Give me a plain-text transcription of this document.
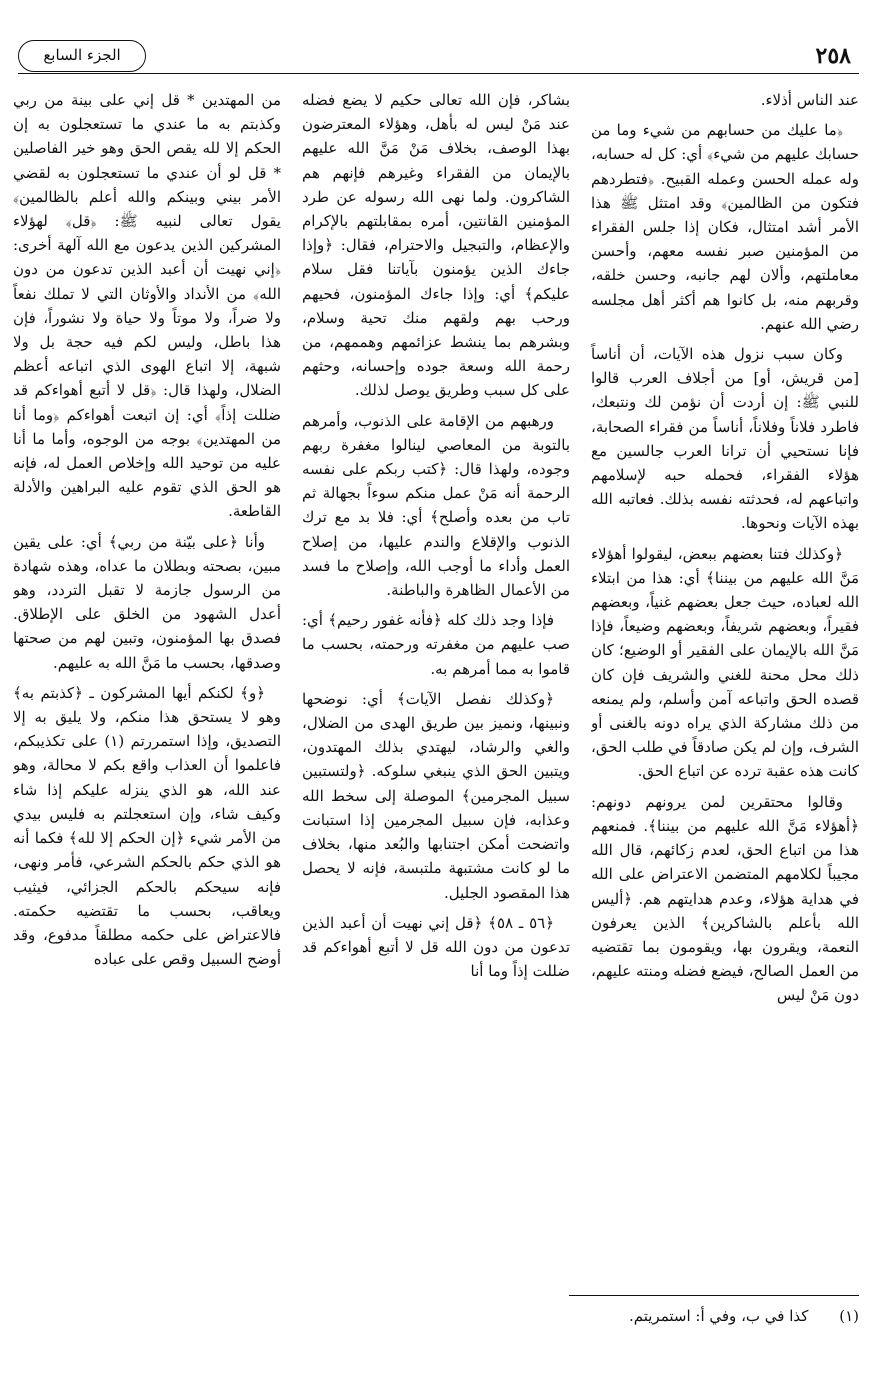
الجزء السابع	٢٥٨

عند الناس أذلاء.

﴿ما عليك من حسابهم من شيء وما من حسابك عليهم من شيء﴾ أي: كل له حسابه، وله عمله الحسن وعمله القبيح. ﴿فتطردهم فتكون من الظالمين﴾ وقد امتثل ﷺ هذا الأمر أشد امتثال، فكان إذا جلس الفقراء من المؤمنين صبر نفسه معهم، وأحسن معاملتهم، وألان لهم جانبه، وحسن خلقه، وقربهم منه، بل كانوا هم أكثر أهل مجلسه رضي الله عنهم.

وكان سبب نزول هذه الآيات، أن أناساً [من قريش، أو] من أجلاف العرب قالوا للنبي ﷺ: إن أردت أن نؤمن لك ونتبعك، فاطرد فلاناً وفلاناً، أناساً من فقراء الصحابة، فإنا نستحيي أن ترانا العرب جالسين مع هؤلاء الفقراء، فحمله حبه لإسلامهم واتباعهم له، فحدثته نفسه بذلك. فعاتبه الله بهذه الآيات ونحوها.

﴿وكذلك فتنا بعضهم ببعض، ليقولوا أهؤلاء مَنَّ الله عليهم من بيننا﴾ أي: هذا من ابتلاء الله لعباده، حيث جعل بعضهم غنياً، وبعضهم فقيراً، وبعضهم شريفاً، وبعضهم وضيعاً، فإذا مَنَّ الله بالإيمان على الفقير أو الوضيع؛ كان ذلك محل محنة للغني والشريف فإن كان قصده الحق واتباعه آمن وأسلم، ولم يمنعه من ذلك مشاركة الذي يراه دونه بالغنى أو الشرف، وإن لم يكن صادقاً في طلب الحق، كانت هذه عقبة ترده عن اتباع الحق.

وقالوا محتقرين لمن يرونهم دونهم: ﴿أهؤلاء مَنَّ الله عليهم من بيننا﴾. فمنعهم هذا من اتباع الحق، لعدم زكائهم، قال الله مجيباً لكلامهم المتضمن الاعتراض على الله في هداية هؤلاء، وعدم هدايتهم هم. ﴿أليس الله بأعلم بالشاكرين﴾ الذين يعرفون النعمة، ويقرون بها، ويقومون بما تقتضيه من العمل الصالح، فيضع فضله ومنته عليهم، دون مَنْ ليس

بشاكر، فإن الله تعالى حكيم لا يضع فضله عند مَنْ ليس له بأهل، وهؤلاء المعترضون بهذا الوصف، بخلاف مَنْ مَنَّ الله عليهم بالإيمان من الفقراء وغيرهم فإنهم هم الشاكرون. ولما نهى الله رسوله عن طرد المؤمنين القانتين، أمره بمقابلتهم بالإكرام والإعظام، والتبجيل والاحترام، فقال: ﴿وإذا جاءك الذين يؤمنون بآياتنا فقل سلام عليكم﴾ أي: وإذا جاءك المؤمنون، فحيهم ورحب بهم ولقهم منك تحية وسلام، وبشرهم بما ينشط عزائمهم وهممهم، من رحمة الله وسعة جوده وإحسانه، وحثهم على كل سبب وطريق يوصل لذلك.

ورهبهم من الإقامة على الذنوب، وأمرهم بالتوبة من المعاصي لينالوا مغفرة ربهم وجوده، ولهذا قال: ﴿كتب ربكم على نفسه الرحمة أنه مَنْ عمل منكم سوءاً بجهالة ثم تاب من بعده وأصلح﴾ أي: فلا بد مع ترك الذنوب والإقلاع والندم عليها، من إصلاح العمل وأداء ما أوجب الله، وإصلاح ما فسد من الأعمال الظاهرة والباطنة.

فإذا وجد ذلك كله ﴿فأنه غفور رحيم﴾ أي: صب عليهم من مغفرته ورحمته، بحسب ما قاموا به مما أمرهم به.

﴿وكذلك نفصل الآيات﴾ أي: نوضحها ونبينها، ونميز بين طريق الهدى من الضلال، والغي والرشاد، ليهتدي بذلك المهتدون، ويتبين الحق الذي ينبغي سلوكه. ﴿ولتستبين سبيل المجرمين﴾ الموصلة إلى سخط الله وعذابه، فإن سبيل المجرمين إذا استبانت واتضحت أمكن اجتنابها والبُعد منها، بخلاف ما لو كانت مشتبهة ملتبسة، فإنه لا يحصل هذا المقصود الجليل.

﴿٥٦ ـ ٥٨﴾ ﴿قل إني نهيت أن أعبد الذين تدعون من دون الله قل لا أتبع أهواءكم قد ضللت إذاً وما أنا

من المهتدين * قل إني على بينة من ربي وكذبتم به ما عندي ما تستعجلون به إن الحكم إلا لله يقص الحق وهو خير الفاصلين * قل لو أن عندي ما تستعجلون به لقضي الأمر بيني وبينكم والله أعلم بالظالمين﴾ يقول تعالى لنبيه ﷺ: ﴿قل﴾ لهؤلاء المشركين الذين يدعون مع الله آلهة أخرى: ﴿إني نهيت أن أعبد الذين تدعون من دون الله﴾ من الأنداد والأوثان التي لا تملك نفعاً ولا ضراً، ولا موتاً ولا حياة ولا نشوراً، فإن هذا باطل، وليس لكم فيه حجة بل ولا شبهة، إلا اتباع الهوى الذي اتباعه أعظم الضلال، ولهذا قال: ﴿قل لا أتبع أهواءكم قد ضللت إذاً﴾ أي: إن اتبعت أهواءكم ﴿وما أنا من المهتدين﴾ بوجه من الوجوه، وأما ما أنا عليه من توحيد الله وإخلاص العمل له، فإنه هو الحق الذي تقوم عليه البراهين والأدلة القاطعة.

وأنا ﴿على بيّنة من ربي﴾ أي: على يقين مبين، بصحته وبطلان ما عداه، وهذه شهادة من الرسول جازمة لا تقبل التردد، وهو أعدل الشهود من الخلق على الإطلاق. فصدق بها المؤمنون، وتبين لهم من صحتها وصدقها، بحسب ما مَنَّ الله به عليهم.

﴿و﴾ لكنكم أيها المشركون ـ ﴿كذبتم به﴾ وهو لا يستحق هذا منكم، ولا يليق به إلا التصديق، وإذا استمررتم (١) على تكذيبكم، فاعلموا أن العذاب واقع بكم لا محالة، وهو عند الله، هو الذي ينزله عليكم إذا شاء وكيف شاء، وإن استعجلتم به فليس بيدي من الأمر شيء ﴿إن الحكم إلا لله﴾ فكما أنه هو الذي حكم بالحكم الشرعي، فأمر ونهى، فإنه سيحكم بالحكم الجزائي، فيثيب ويعاقب، بحسب ما تقتضيه حكمته. فالاعتراض على حكمه مطلقاً مدفوع، وقد أوضح السبيل وقص على عباده

(١) كذا في ب، وفي أ: استمريتم.
